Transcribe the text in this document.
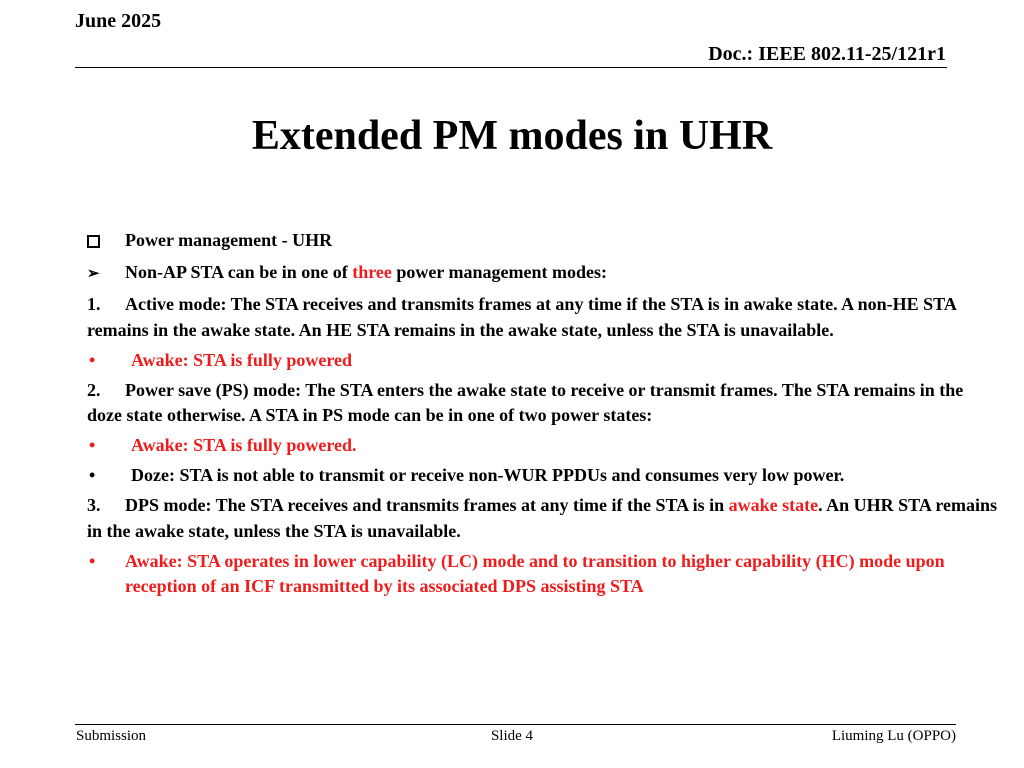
June 2025
Doc.: IEEE 802.11-25/121r1
Extended PM modes in UHR
Power management - UHR
➢	Non-AP STA can be in one of three power management modes:

1. Active mode: The STA receives and transmits frames at any time if the STA is in awake state. A non-HE STA remains in the awake state. An HE STA remains in the awake state, unless the STA is unavailable.

•	Awake: STA is fully powered

2. Power save (PS) mode: The STA enters the awake state to receive or transmit frames. The STA remains in the doze state otherwise. A STA in PS mode can be in one of two power states:

•	Awake: STA is fully powered.
•	Doze: STA is not able to transmit or receive non-WUR PPDUs and consumes very low power.

3. DPS mode: The STA receives and transmits frames at any time if the STA is in awake state. An UHR STA remains in the awake state, unless the STA is unavailable.

•	Awake: STA operates in lower capability (LC) mode and to transition to higher capability (HC) mode upon reception of an ICF transmitted by its associated DPS assisting STA
Submission	Slide 4	Liuming Lu (OPPO)
